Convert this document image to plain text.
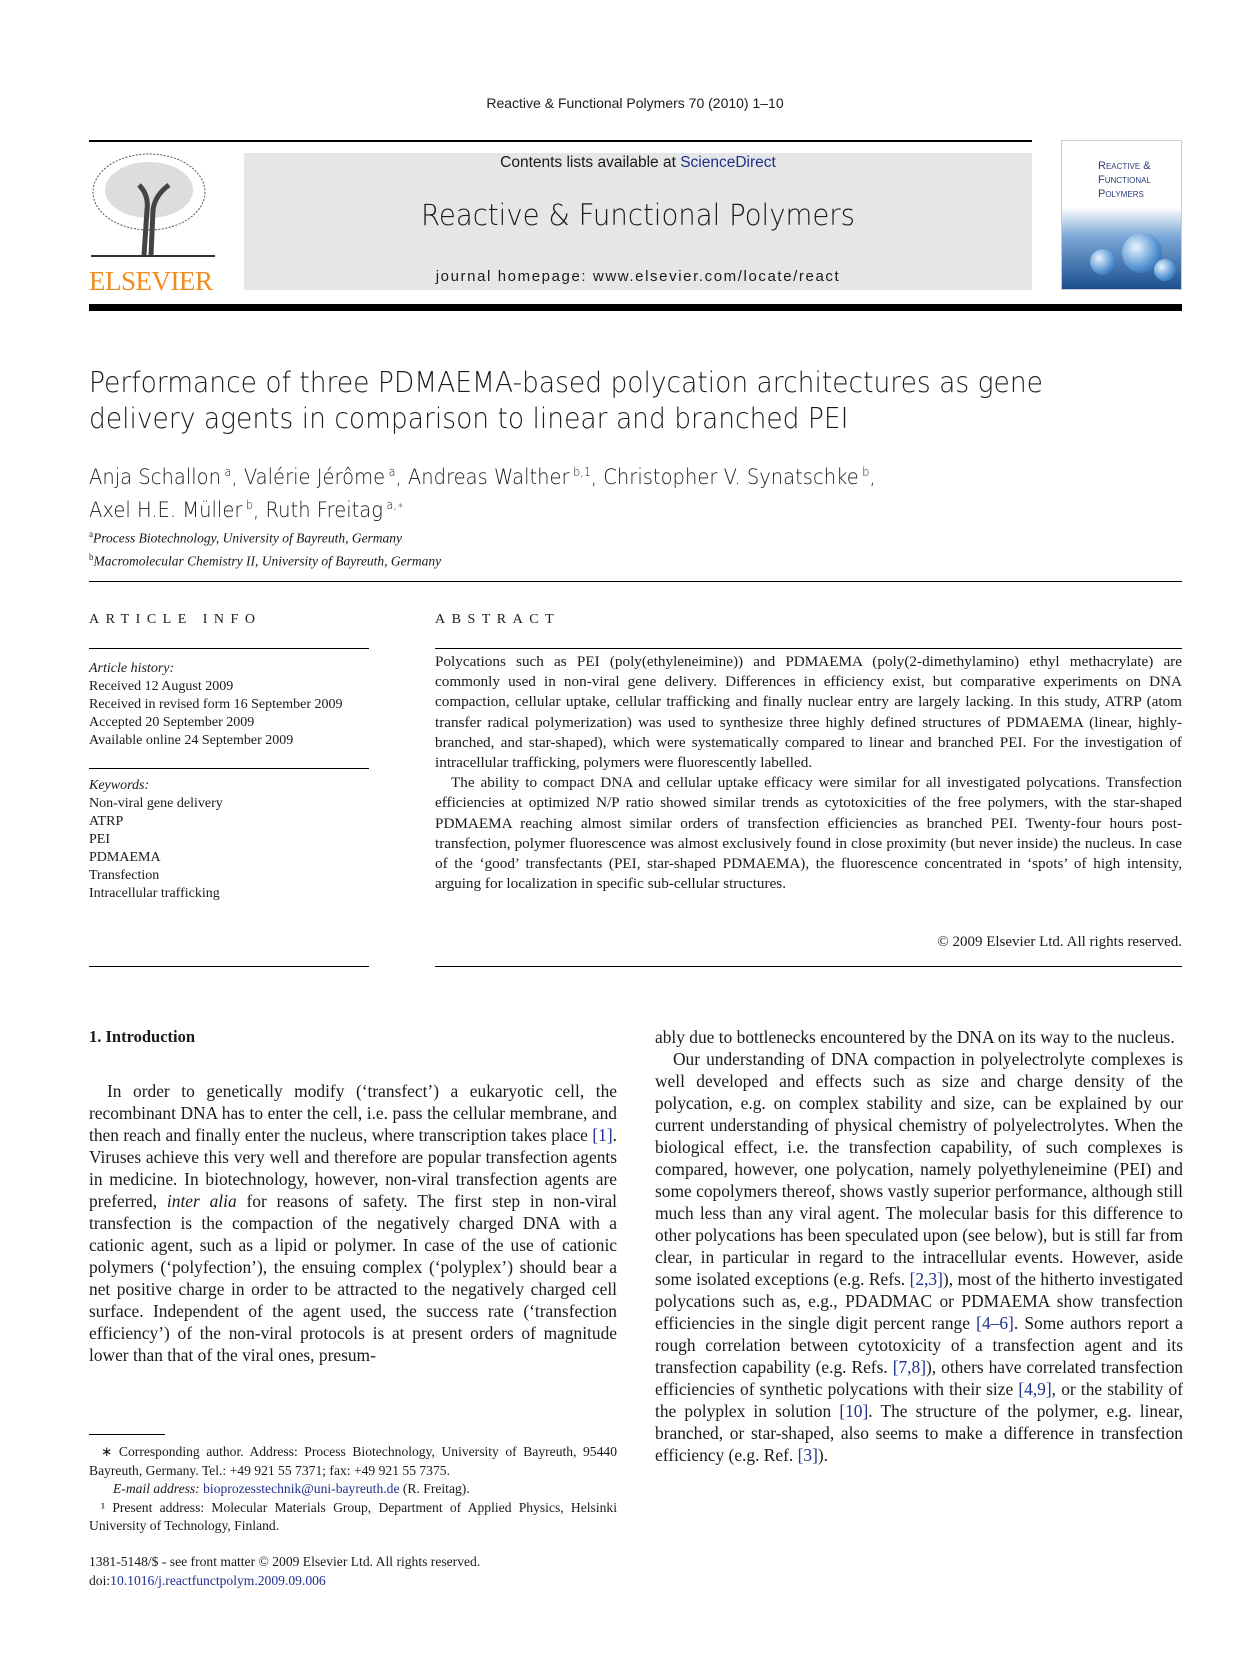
Reactive & Functional Polymers 70 (2010) 1–10
ELSEVIER
Contents lists available at ScienceDirect
Reactive & Functional Polymers
journal homepage: www.elsevier.com/locate/react
Reactive &
Functional
Polymers
Performance of three PDMAEMA-based polycation architectures as gene
delivery agents in comparison to linear and branched PEI
Anja Schallon $^a$, Valérie Jérôme $^a$, Andreas Walther $^{b,1}$, Christopher V. Synatschke $^b$,
Axel H.E. Müller $^b$, Ruth Freitag $^{a,∗}$
$^a$Process Biotechnology, University of Bayreuth, Germany
$^b$Macromolecular Chemistry II, University of Bayreuth, Germany
ARTICLE INFO	ABSTRACT
Article history:
Received 12 August 2009
Received in revised form 16 September 2009
Accepted 20 September 2009
Available online 24 September 2009
Keywords:
Non-viral gene delivery
ATRP
PEI
PDMAEMA
Transfection
Intracellular trafficking

Polycations such as PEI (poly(ethyleneimine)) and PDMAEMA (poly(2-dimethylamino) ethyl methacrylate) are commonly used in non-viral gene delivery. Differences in efficiency exist, but comparative experiments on DNA compaction, cellular uptake, cellular trafficking and finally nuclear entry are largely lacking. In this study, ATRP (atom transfer radical polymerization) was used to synthesize three highly defined structures of PDMAEMA (linear, highly-branched, and star-shaped), which were systematically compared to linear and branched PEI. For the investigation of intracellular trafficking, polymers were fluorescently labelled.

The ability to compact DNA and cellular uptake efficacy were similar for all investigated polycations. Transfection efficiencies at optimized N/P ratio showed similar trends as cytotoxicities of the free polymers, with the star-shaped PDMAEMA reaching almost similar orders of transfection efficiencies as branched PEI. Twenty-four hours post-transfection, polymer fluorescence was almost exclusively found in close proximity (but never inside) the nucleus. In case of the ‘good’ transfectants (PEI, star-shaped PDMAEMA), the fluorescence concentrated in ‘spots’ of high intensity, arguing for localization in specific sub-cellular structures.

© 2009 Elsevier Ltd. All rights reserved.
1. Introduction

In order to genetically modify (‘transfect’) a eukaryotic cell, the recombinant DNA has to enter the cell, i.e. pass the cellular membrane, and then reach and finally enter the nucleus, where transcription takes place [1]. Viruses achieve this very well and therefore are popular transfection agents in medicine. In biotechnology, however, non-viral transfection agents are preferred, inter alia for reasons of safety. The first step in non-viral transfection is the compaction of the negatively charged DNA with a cationic agent, such as a lipid or polymer. In case of the use of cationic polymers (‘polyfection’), the ensuing complex (‘polyplex’) should bear a net positive charge in order to be attracted to the negatively charged cell surface. Independent of the agent used, the success rate (‘transfection efficiency’) of the non-viral protocols is at present orders of magnitude lower than that of the viral ones, presum-

ably due to bottlenecks encountered by the DNA on its way to the nucleus.

Our understanding of DNA compaction in polyelectrolyte complexes is well developed and effects such as size and charge density of the polycation, e.g. on complex stability and size, can be explained by our current understanding of physical chemistry of polyelectrolytes. When the biological effect, i.e. the transfection capability, of such complexes is compared, however, one polycation, namely polyethyleneimine (PEI) and some copolymers thereof, shows vastly superior performance, although still much less than any viral agent. The molecular basis for this difference to other polycations has been speculated upon (see below), but is still far from clear, in particular in regard to the intracellular events. However, aside some isolated exceptions (e.g. Refs. [2,3]), most of the hitherto investigated polycations such as, e.g., PDADMAC or PDMAEMA show transfection efficiencies in the single digit percent range [4–6]. Some authors report a rough correlation between cytotoxicity of a transfection agent and its transfection capability (e.g. Refs. [7,8]), others have correlated transfection efficiencies of synthetic polycations with their size [4,9], or the stability of the polyplex in solution [10]. The structure of the polymer, e.g. linear, branched, or star-shaped, also seems to make a difference in transfection efficiency (e.g. Ref. [3]).

∗ Corresponding author. Address: Process Biotechnology, University of Bayreuth, 95440 Bayreuth, Germany. Tel.: +49 921 55 7371; fax: +49 921 55 7375.

E-mail address: bioprozesstechnik@uni-bayreuth.de (R. Freitag).

¹ Present address: Molecular Materials Group, Department of Applied Physics, Helsinki University of Technology, Finland.

1381-5148/$ - see front matter © 2009 Elsevier Ltd. All rights reserved.
doi:10.1016/j.reactfunctpolym.2009.09.006
